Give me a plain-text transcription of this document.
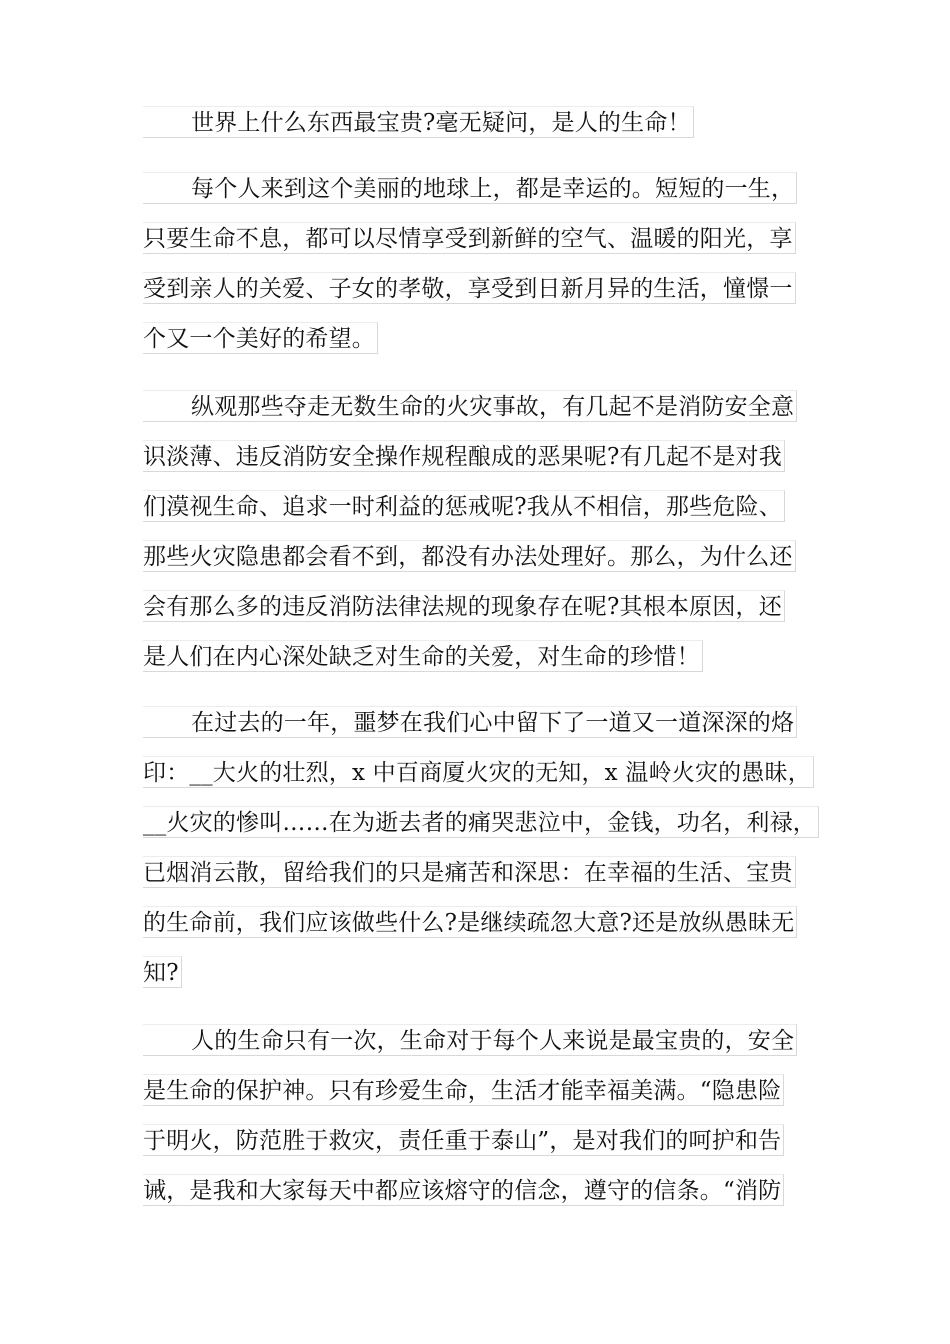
世界上什么东西最宝贵?毫无疑问，是人的生命！
每个人来到这个美丽的地球上，都是幸运的。短短的一生，
只要生命不息，都可以尽情享受到新鲜的空气、温暖的阳光，享
受到亲人的关爱、子女的孝敬，享受到日新月异的生活，憧憬一
个又一个美好的希望。
纵观那些夺走无数生命的火灾事故，有几起不是消防安全意
识淡薄、违反消防安全操作规程酿成的恶果呢?有几起不是对我
们漠视生命、追求一时利益的惩戒呢?我从不相信，那些危险、
那些火灾隐患都会看不到，都没有办法处理好。那么，为什么还
会有那么多的违反消防法律法规的现象存在呢?其根本原因，还
是人们在内心深处缺乏对生命的关爱，对生命的珍惜！
在过去的一年，噩梦在我们心中留下了一道又一道深深的烙
印：__大火的壮烈，x 中百商厦火灾的无知，x 温岭火灾的愚昧，
__火灾的惨叫……在为逝去者的痛哭悲泣中，金钱，功名，利禄，
已烟消云散，留给我们的只是痛苦和深思：在幸福的生活、宝贵
的生命前，我们应该做些什么?是继续疏忽大意?还是放纵愚昧无
知?
人的生命只有一次，生命对于每个人来说是最宝贵的，安全
是生命的保护神。只有珍爱生命，生活才能幸福美满。“隐患险
于明火，防范胜于救灾，责任重于泰山”，是对我们的呵护和告
诫，是我和大家每天中都应该熔守的信念，遵守的信条。“消防
